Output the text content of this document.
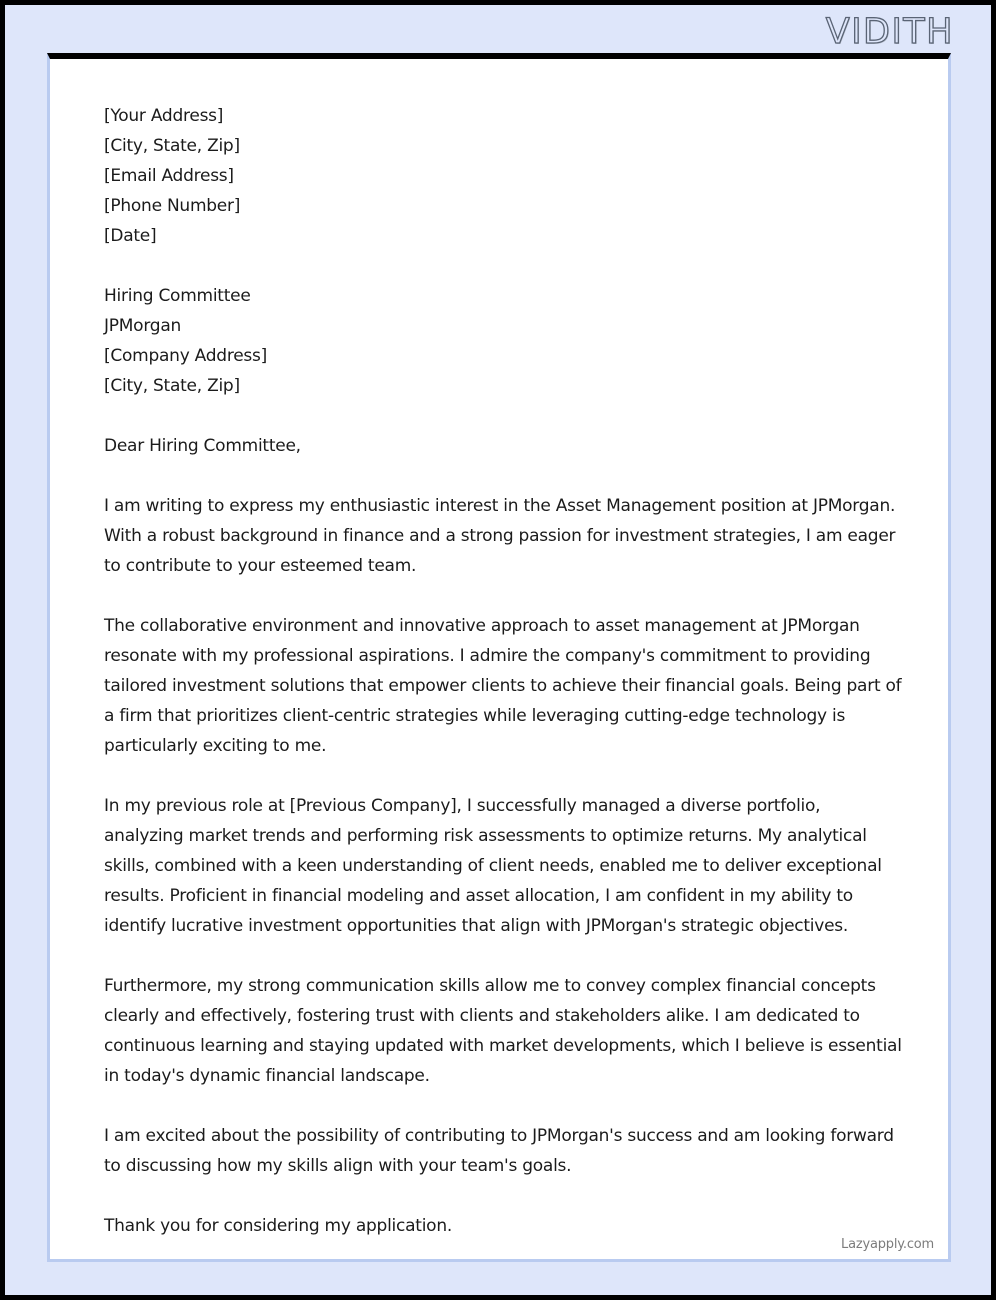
VIDITH
[Your Address]
[City, State, Zip]
[Email Address]
[Phone Number]
[Date]
Hiring Committee
JPMorgan
[Company Address]
[City, State, Zip]
Dear Hiring Committee,
I am writing to express my enthusiastic interest in the Asset Management position at JPMorgan. With a robust background in finance and a strong passion for investment strategies, I am eager to contribute to your esteemed team.
The collaborative environment and innovative approach to asset management at JPMorgan resonate with my professional aspirations. I admire the company's commitment to providing tailored investment solutions that empower clients to achieve their financial goals. Being part of a firm that prioritizes client-centric strategies while leveraging cutting-edge technology is particularly exciting to me.
In my previous role at [Previous Company], I successfully managed a diverse portfolio, analyzing market trends and performing risk assessments to optimize returns. My analytical skills, combined with a keen understanding of client needs, enabled me to deliver exceptional results. Proficient in financial modeling and asset allocation, I am confident in my ability to identify lucrative investment opportunities that align with JPMorgan's strategic objectives.
Furthermore, my strong communication skills allow me to convey complex financial concepts clearly and effectively, fostering trust with clients and stakeholders alike. I am dedicated to continuous learning and staying updated with market developments, which I believe is essential in today's dynamic financial landscape.
I am excited about the possibility of contributing to JPMorgan's success and am looking forward to discussing how my skills align with your team's goals.
Thank you for considering my application.
Lazyapply.com
